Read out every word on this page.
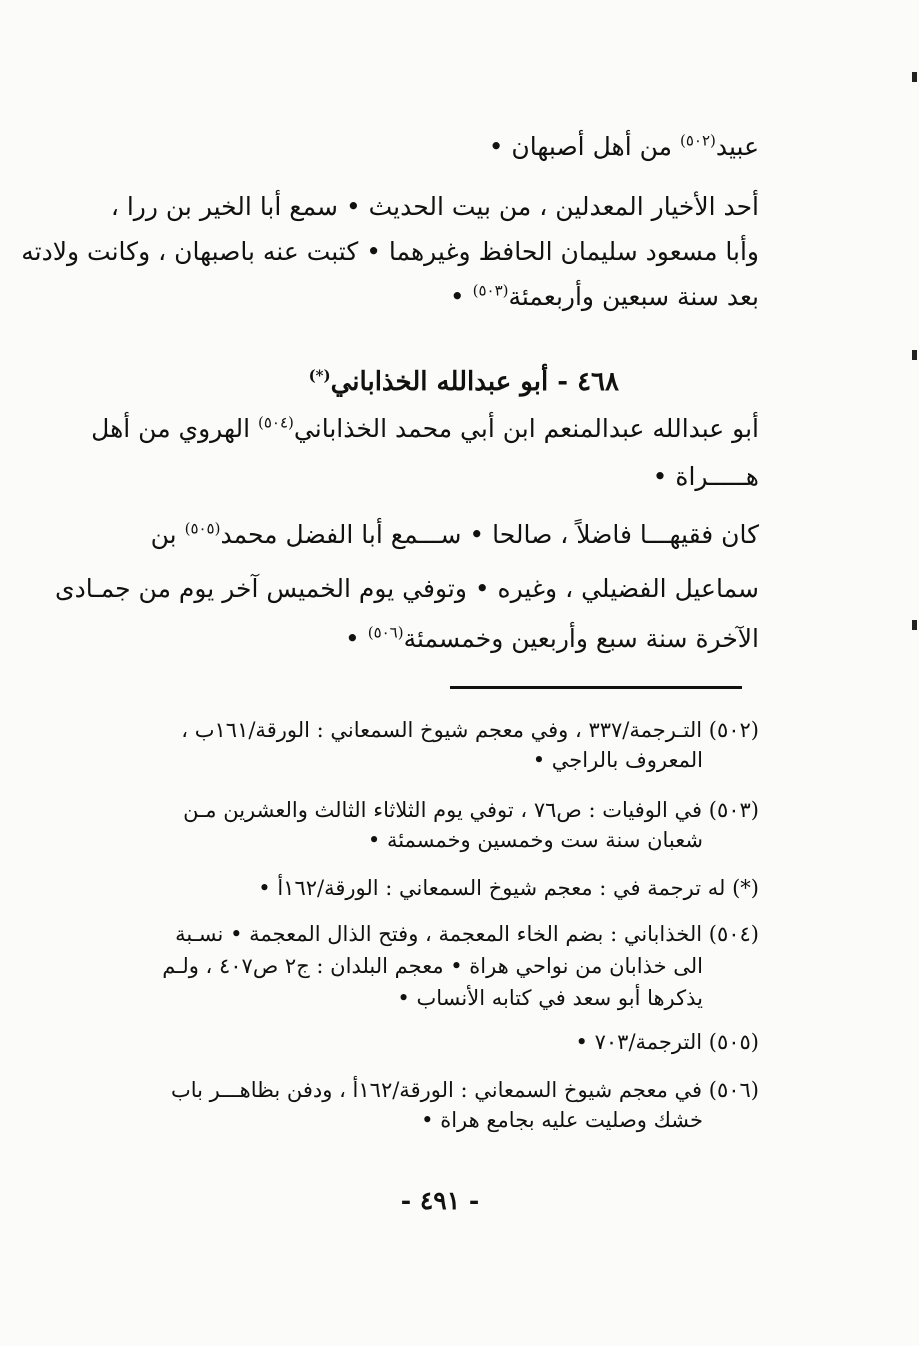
عبيد$^{(٥٠٢)}$ من أهل أصبهان •
أحد الأخيار المعدلين ، من بيت الحديث • سمع أبا الخير بن ررا ،
وأبا مسعود سليمان الحافظ وغيرهما • كتبت عنه باصبهان ، وكانت ولادته
بعد سنة سبعين وأربعمئة$^{(٥٠٣)}$ •
٤٦٨ - أبو عبدالله الخذاباني(*)
أبو عبدالله عبدالمنعم ابن أبي محمد الخذاباني$^{(٥٠٤)}$ الهروي من أهل
هـــــراة •
كان فقيهـــا فاضلاً ، صالحا • ســـمع أبا الفضل محمد$^{(٥٠٥)}$ بن
سماعيل الفضيلي ، وغيره • وتوفي يوم الخميس آخر يوم من جمـادى
الآخرة سنة سبع وأربعين وخمسمئة$^{(٥٠٦)}$ •
(٥٠٢) التـرجمة/٣٣٧ ، وفي معجم شيوخ السمعاني : الورقة/١٦١ب ،
المعروف بالراجي •
(٥٠٣) في الوفيات : ص٧٦ ، توفي يوم الثلاثاء الثالث والعشرين مـن
شعبان سنة ست وخمسين وخمسمئة •
(*) له ترجمة في : معجم شيوخ السمعاني : الورقة/١٦٢أ •
(٥٠٤) الخذاباني : بضم الخاء المعجمة ، وفتح الذال المعجمة • نسـبة
الى خذابان من نواحي هراة • معجم البلدان : ج٢ ص٤٠٧ ، ولـم
يذكرها أبو سعد في كتابه الأنساب •
(٥٠٥) الترجمة/٧٠٣ •
(٥٠٦) في معجم شيوخ السمعاني : الورقة/١٦٢أ ، ودفن بظاهـــر باب
خشك وصليت عليه بجامع هراة •
- ٤٩١ -
